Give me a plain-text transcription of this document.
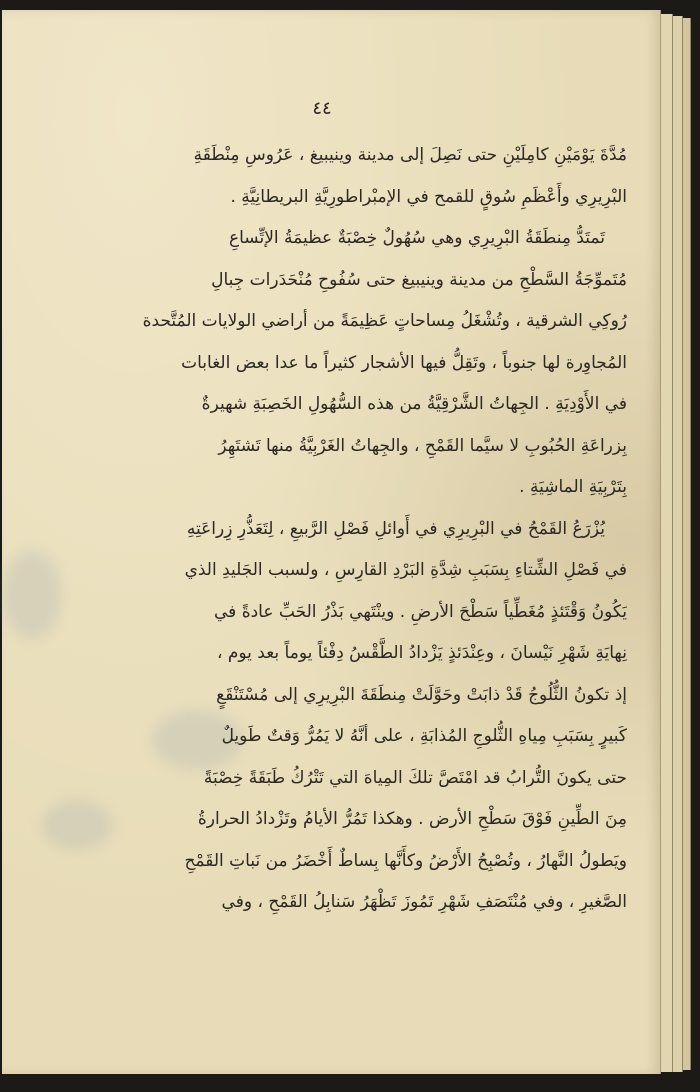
٤٤
مُدَّةَ يَوْمَيْنِ كامِلَيْنِ حتى نَصِلَ إلى مدينة وينيبيغ ، عَرُوسِ مِنْطَقَةِ
البْرِيرِي وأَعْظَمِ سُوقٍ للقمح في الإمبْراطورِيَّةِ البريطانِيَّةِ .
تَمتَدُّ مِنطَقَةُ البْرِيرِي وهي سُهُولٌ خِصْبَةٌ عظيمَةُ الإتِّساعِ
مُتَموِّجَةُ السَّطْحِ من مدينة وينيبيغ حتى سُفُوحِ مُنْحَدَرات جِبالِ
رُوكِي الشرقية ، وتُشْغَلُ مِساحاتٍ عَظِيمَةً من أراضي الولايات المُتَّحدة
المُجاوِرة لها جنوباً ، وتَقِلُّ فيها الأشجار كثيراً ما عدا بعض الغابات
في الأَوْدِيَةِ . الجِهاتُ الشَّرْقِيَّةُ من هذه السُّهُولِ الخَصِبَةِ شهيرةٌ
بِزراعَةِ الحُبُوبِ لا سيَّما القَمْحِ ، والجِهاتُ الغَرْبِيَّةُ منها تَشتَهِرُ
بِتَرْبِيَةِ الماشِيَةِ .
يُزْرَعُ القَمْحُ في البْرِيرِي في أَوائلِ فَصْلِ الرَّبيعِ ، لِتَعَذُّرِ زِراعَتِهِ
في فَصْلِ الشِّتاءِ بِسَبَبِ شِدَّةِ البَرْدِ القارِسِ ، ولسبب الجَليدِ الذي
يَكُونُ وَقْتَئذٍ مُغَطِّياً سَطْحَ الأرضِ . وينْتَهي بَذْرُ الحَبِّ عادةً في
نِهايَةِ شَهْرِ نَيْسانَ ، وعِنْدَئذٍ يَزْدادُ الطَّقْسُ دِفْئاً يوماً بعد يوم ،
إذ تكونُ الثُّلُوجُ قَدْ ذابَتْ وحَوَّلَتْ مِنطَقَةَ البْرِيرِي إلى مُسْتَنْقَعٍ
كَبيرٍ بِسَبَبِ مِياهِ الثُّلوجِ المُذابَةِ ، على أنَّهُ لا يَمُرُّ وَقتٌ طَويلٌ
حتى يكونَ التُّرابُ قد امْتَصَّ تلكَ المِياهَ التي تَتْرُكُ طَبَقَةً خِصْبَةً
مِنَ الطِّينِ فَوْقَ سَطْحِ الأرض . وهكذا تَمُرُّ الأيامُ وتَزْدادُ الحرارةُ
ويَطولُ النَّهارُ ، وتُصْبِحُ الأَرْضُ وكأَنَّها بِساطٌ أَخْضَرُ من نَباتِ القَمْحِ
الصَّغيرِ ، وفي مُنْتَصَفِ شَهْرِ تَمُوزَ تَظْهَرُ سَنابِلُ القَمْحِ ، وفي
